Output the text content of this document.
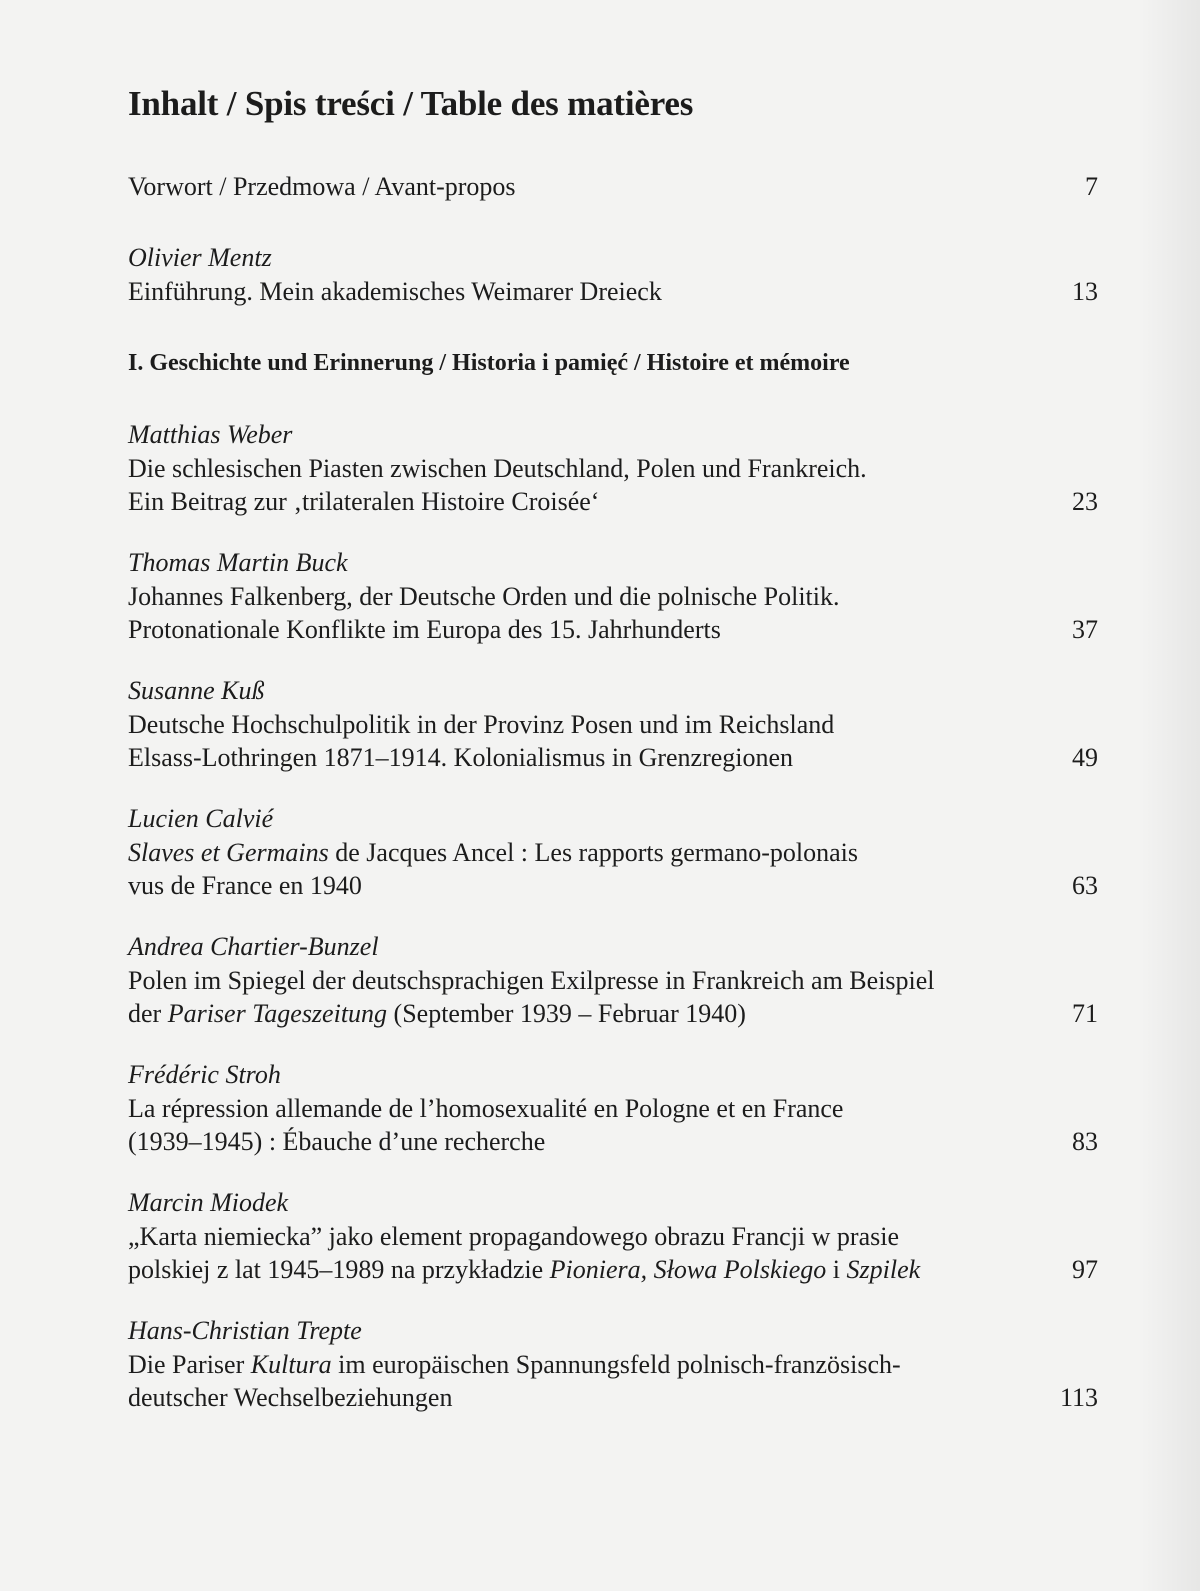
Inhalt / Spis treści / Table des matières
Vorwort / Przedmowa / Avant-propos	7
Olivier Mentz
Einführung. Mein akademisches Weimarer Dreieck	13
I. Geschichte und Erinnerung / Historia i pamięć / Histoire et mémoire
Matthias Weber
Die schlesischen Piasten zwischen Deutschland, Polen und Frankreich.
Ein Beitrag zur ‚trilateralen Histoire Croisée‘	23
Thomas Martin Buck
Johannes Falkenberg, der Deutsche Orden und die polnische Politik.
Protonationale Konflikte im Europa des 15. Jahrhunderts	37
Susanne Kuß
Deutsche Hochschulpolitik in der Provinz Posen und im Reichsland
Elsass-Lothringen 1871–1914. Kolonialismus in Grenzregionen	49
Lucien Calvié
Slaves et Germains de Jacques Ancel : Les rapports germano-polonais
vus de France en 1940	63
Andrea Chartier-Bunzel
Polen im Spiegel der deutschsprachigen Exilpresse in Frankreich am Beispiel
der Pariser Tageszeitung (September 1939 – Februar 1940)	71
Frédéric Stroh
La répression allemande de l’homosexualité en Pologne et en France
(1939–1945) : Ébauche d’une recherche	83
Marcin Miodek
„Karta niemiecka” jako element propagandowego obrazu Francji w prasie
polskiej z lat 1945–1989 na przykładzie Pioniera, Słowa Polskiego i Szpilek	97
Hans-Christian Trepte
Die Pariser Kultura im europäischen Spannungsfeld polnisch-französisch-
deutscher Wechselbeziehungen	113
